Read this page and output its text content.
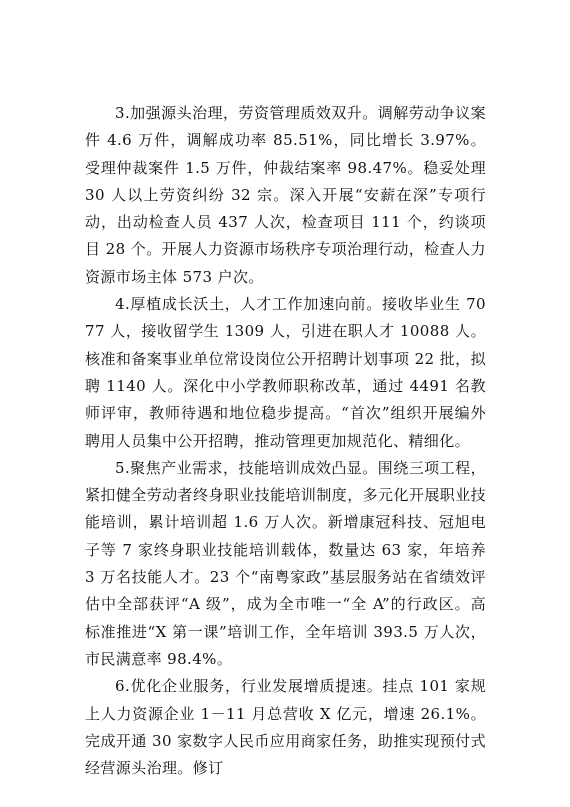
3.加强源头治理，劳资管理质效双升。调解劳动争议案件 4.6 万件，调解成功率 85.51%，同比增长 3.97%。受理仲裁案件 1.5 万件，仲裁结案率 98.47%。稳妥处理 30 人以上劳资纠纷 32 宗。深入开展“安薪在深”专项行动，出动检查人员 437 人次，检查项目 111 个，约谈项目 28 个。开展人力资源市场秩序专项治理行动，检查人力资源市场主体 573 户次。

4.厚植成长沃土，人才工作加速向前。接收毕业生 7077 人，接收留学生 1309 人，引进在职人才 10088 人。核准和备案事业单位常设岗位公开招聘计划事项 22 批，拟聘 1140 人。深化中小学教师职称改革，通过 4491 名教师评审，教师待遇和地位稳步提高。“首次”组织开展编外聘用人员集中公开招聘，推动管理更加规范化、精细化。

5.聚焦产业需求，技能培训成效凸显。围绕三项工程，紧扣健全劳动者终身职业技能培训制度，多元化开展职业技能培训，累计培训超 1.6 万人次。新增康冠科技、冠旭电子等 7 家终身职业技能培训载体，数量达 63 家，年培养 3 万名技能人才。23 个“南粤家政”基层服务站在省绩效评估中全部获评“A 级”，成为全市唯一“全 A”的行政区。高标准推进“X 第一课”培训工作，全年培训 393.5 万人次，市民满意率 98.4%。

6.优化企业服务，行业发展增质提速。挂点 101 家规上人力资源企业 1－11 月总营收 X 亿元，增速 26.1%。完成开通 30 家数字人民币应用商家任务，助推实现预付式经营源头治理。修订
